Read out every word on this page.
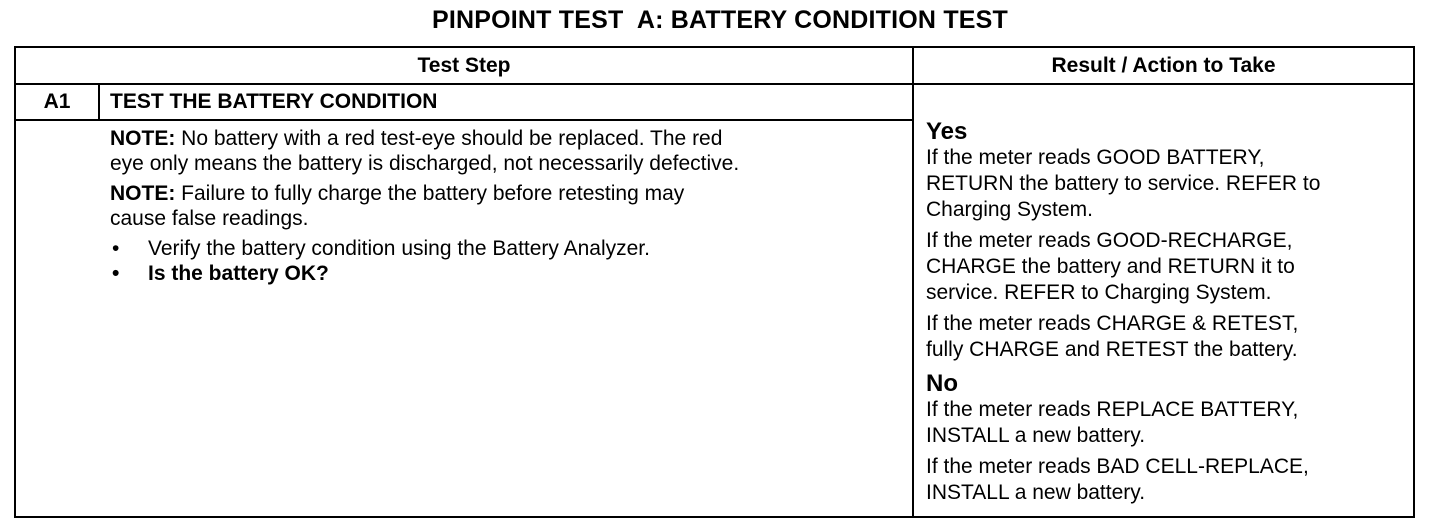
PINPOINT TEST  A: BATTERY CONDITION TEST
Test Step	Result / Action to Take
A1	TEST THE BATTERY CONDITION
NOTE: No battery with a red test-eye should be replaced. The red
eye only means the battery is discharged, not necessarily defective.
NOTE: Failure to fully charge the battery before retesting may
cause false readings.
• Verify the battery condition using the Battery Analyzer.
• Is the battery OK?
Yes
If the meter reads GOOD BATTERY,
RETURN the battery to service. REFER to
Charging System.
If the meter reads GOOD-RECHARGE,
CHARGE the battery and RETURN it to
service. REFER to Charging System.
If the meter reads CHARGE & RETEST,
fully CHARGE and RETEST the battery.
No
If the meter reads REPLACE BATTERY,
INSTALL a new battery.
If the meter reads BAD CELL-REPLACE,
INSTALL a new battery.
